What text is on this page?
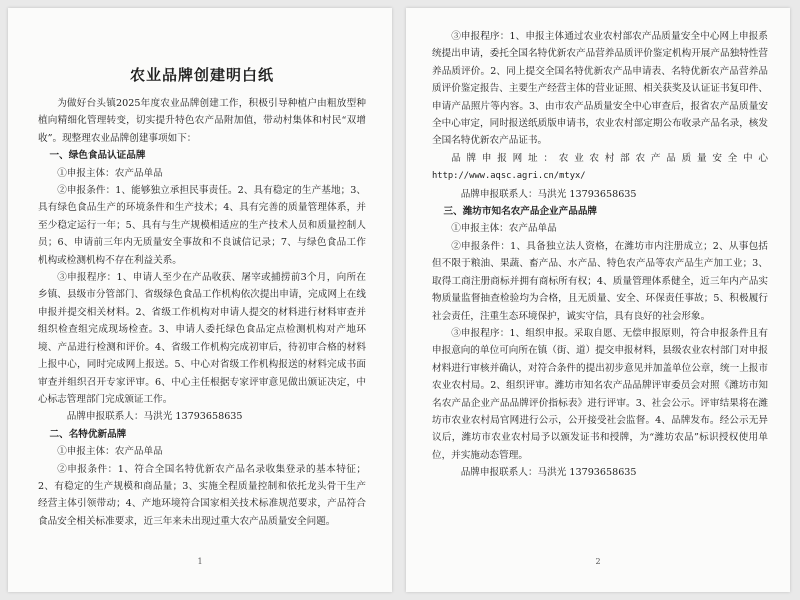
农业品牌创建明白纸

为做好台头镇2025年度农业品牌创建工作，积极引导种植户由粗放型种植向精细化管理转变，切实提升特色农产品附加值，带动村集体和村民“双增收”。现整理农业品牌创建事项如下：

一、绿色食品认证品牌

①申报主体：农产品单品

②申报条件：1、能够独立承担民事责任。2、具有稳定的生产基地；3、具有绿色食品生产的环境条件和生产技术；4、具有完善的质量管理体系，并至少稳定运行一年；5、具有与生产规模相适应的生产技术人员和质量控制人员；6、申请前三年内无质量安全事故和不良诚信记录；7、与绿色食品工作机构或检测机构不存在利益关系。

③申报程序：1、申请人至少在产品收获、屠宰或捕捞前3个月，向所在乡镇、县级市分管部门、省级绿色食品工作机构依次提出申请，完成网上在线申报并提交相关材料。2、省级工作机构对申请人提交的材料进行材料审查并组织检查组完成现场检查。3、申请人委托绿色食品定点检测机构对产地环境、产品进行检测和评价。4、省级工作机构完成初审后，待初审合格的材料上报中心，同时完成网上报送。5、中心对省级工作机构报送的材料完成书面审查并组织召开专家评审。6、中心主任根据专家评审意见做出颁证决定，中心标志管理部门完成颁证工作。

品牌申报联系人：马洪光 13793658635

二、名特优新品牌

①申报主体：农产品单品

②申报条件：1、符合全国名特优新农产品名录收集登录的基本特征；2、有稳定的生产规模和商品量；3、实施全程质量控制和依托龙头骨干生产经营主体引领带动；4、产地环境符合国家相关技术标准规范要求，产品符合食品安全相关标准要求，近三年来未出现过重大农产品质量安全问题。

1

③申报程序：1、申报主体通过农业农村部农产品质量安全中心网上申报系统提出申请，委托全国名特优新农产品营养品质评价鉴定机构开展产品独特性营养品质评价。2、同上提交全国名特优新农产品申请表、名特优新农产品营养品质评价鉴定报告、主要生产经营主体的营业证照、相关获奖及认证证书复印件、申请产品照片等内容。3、由市农产品质量安全中心审查后，报省农产品质量安全中心审定，同时报送纸质版申请书，农业农村部定期公布收录产品名录，核发全国名特优新农产品证书。

品牌申报网址：农业农村部农产品质量安全中心 http://www.aqsc.agri.cn/mtyx/

品牌申报联系人：马洪光 13793658635

三、潍坊市知名农产品企业产品品牌

①申报主体：农产品单品

②申报条件：1、具备独立法人资格，在潍坊市内注册成立；2、从事包括但不限于粮油、果蔬、畜产品、水产品、特色农产品等农产品生产加工业；3、取得工商注册商标并拥有商标所有权；4、质量管理体系健全，近三年内产品实物质量监督抽查检验均为合格，且无质量、安全、环保责任事故；5、积极履行社会责任，注重生态环境保护，诚实守信，具有良好的社会形象。

③申报程序：1、组织申报。采取自愿、无偿申报原则，符合申报条件且有申报意向的单位可向所在镇（街、道）提交申报材料，县级农业农村部门对申报材料进行审核并确认，对符合条件的提出初步意见并加盖单位公章，统一上报市农业农村局。2、组织评审。潍坊市知名农产品品牌评审委员会对照《潍坊市知名农产品企业产品品牌评价指标表》进行评审。3、社会公示。评审结果将在潍坊市农业农村局官网进行公示，公开接受社会监督。4、品牌发布。经公示无异议后，潍坊市农业农村局予以颁发证书和授牌，为“潍坊农品”标识授权使用单位，并实施动态管理。

品牌申报联系人：马洪光 13793658635

2
